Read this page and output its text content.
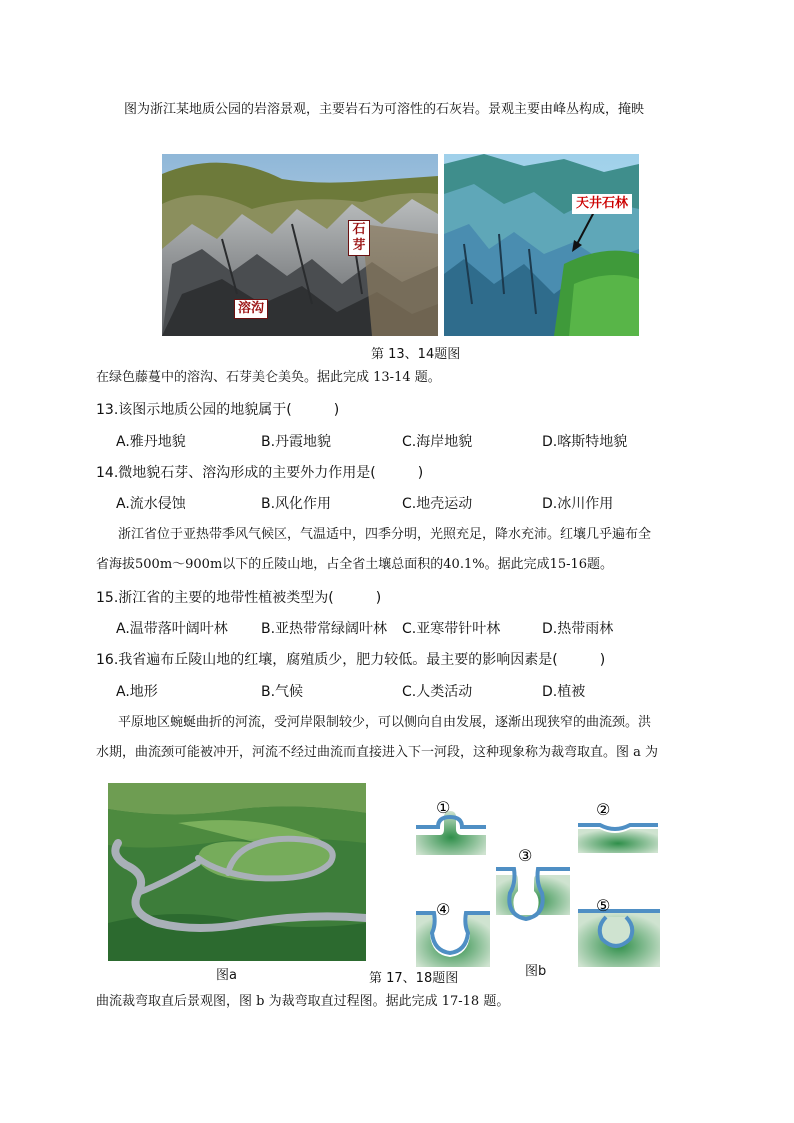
图为浙江某地质公园的岩溶景观，主要岩石为可溶性的石灰岩。景观主要由峰丛构成，掩映
石芽
溶沟
天井石林
第 13、14题图
在绿色藤蔓中的溶沟、石芽美仑美奂。据此完成 13-14 题。
13.该图示地质公园的地貌属于(　　　)
A.雅丹地貌	B.丹霞地貌	C.海岸地貌	D.喀斯特地貌
14.微地貌石芽、溶沟形成的主要外力作用是(　　　)
A.流水侵蚀	B.风化作用	C.地壳运动	D.冰川作用
浙江省位于亚热带季风气候区，气温适中，四季分明，光照充足，降水充沛。红壤几乎遍布全
省海拔500m～900m以下的丘陵山地，占全省土壤总面积的40.1%。据此完成15-16题。
15.浙江省的主要的地带性植被类型为(　　　)
A.温带落叶阔叶林 B.亚热带常绿阔叶林 C.亚寒带针叶林	D.热带雨林
16.我省遍布丘陵山地的红壤，腐殖质少，肥力较低。最主要的影响因素是(　　　)
A.地形	B.气候	C.人类活动	D.植被
平原地区蜿蜒曲折的河流，受河岸限制较少，可以侧向自由发展，逐渐出现狭窄的曲流颈。洪
水期，曲流颈可能被冲开，河流不经过曲流而直接进入下一河段，这种现象称为裁弯取直。图 a 为
图a	第 17、18题图
①	②
③
④	⑤
图b
曲流裁弯取直后景观图，图 b 为裁弯取直过程图。据此完成 17-18 题。
